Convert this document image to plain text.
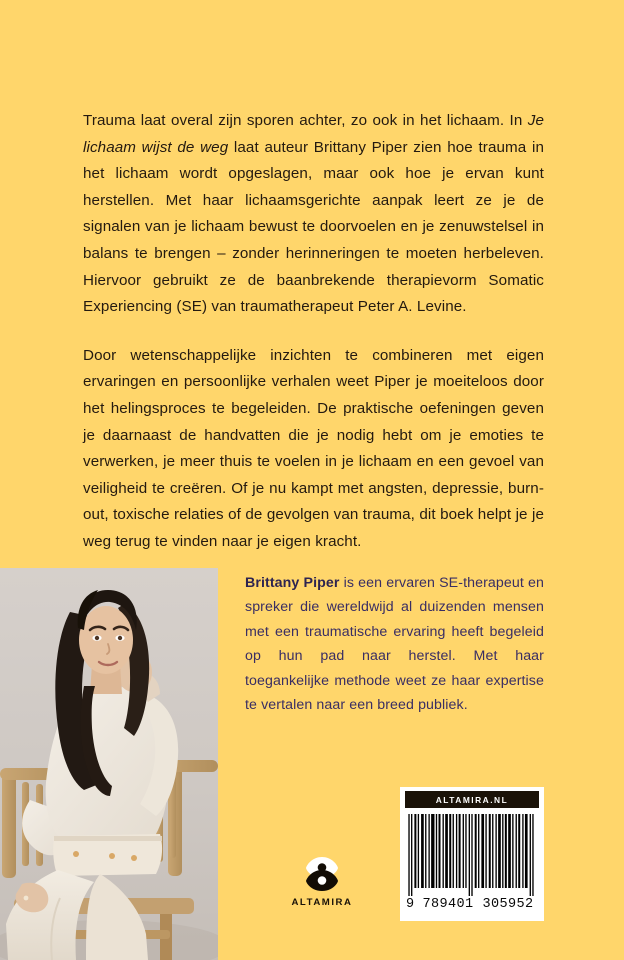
Trauma laat overal zijn sporen achter, zo ook in het lichaam. In Je lichaam wijst de weg laat auteur Brittany Piper zien hoe trauma in het lichaam wordt opgeslagen, maar ook hoe je ervan kunt herstellen. Met haar lichaamsgerichte aanpak leert ze je de signalen van je lichaam bewust te doorvoelen en je zenuwstelsel in balans te brengen – zonder herinneringen te moeten herbeleven. Hiervoor gebruikt ze de baanbrekende therapievorm Somatic Experiencing (SE) van traumatherapeut Peter A. Levine.

Door wetenschappelijke inzichten te combineren met eigen ervaringen en persoonlijke verhalen weet Piper je moeiteloos door het helingsproces te begeleiden. De praktische oefeningen geven je daarnaast de handvatten die je nodig hebt om je emoties te verwerken, je meer thuis te voelen in je lichaam en een gevoel van veiligheid te creëren. Of je nu kampt met angsten, depressie, burn-out, toxische relaties of de gevolgen van trauma, dit boek helpt je je weg terug te vinden naar je eigen kracht.

Brittany Piper is een ervaren SE-therapeut en spreker die wereldwijd al duizenden mensen met een traumatische ervaring heeft begeleid op hun pad naar herstel. Met haar toegankelijke methode weet ze haar expertise te vertalen naar een breed publiek.

ALTAMIRA
ALTAMIRA.NL
9 789401 305952
